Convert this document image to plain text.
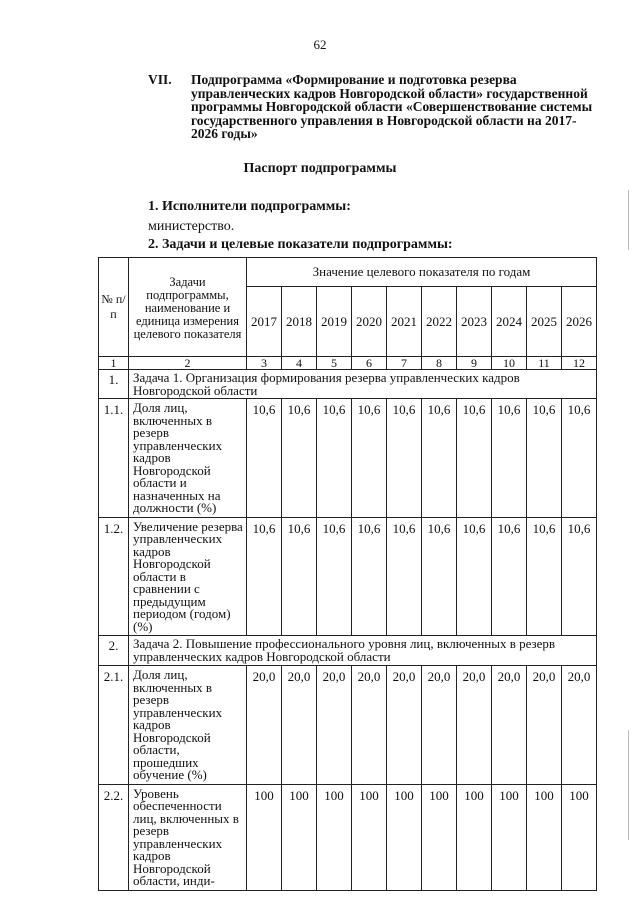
62
VII. Подпрограмма «Формирование и подготовка резерва управленческих кадров Новгородской области» государственной программы Новгородской области «Совершенствование системы государственного управления в Новгородской области на 2017-2026 годы»
Паспорт подпрограммы
1. Исполнители подпрограммы:
министерство.
2. Задачи и целевые показатели подпрограммы:
№ п/п	Задачи подпрограммы, наименование и единица измерения целевого показателя	Значение целевого показателя по годам									
		2017	2018	2019	2020	2021	2022	2023	2024	2025	2026
1	2	3	4	5	6	7	8	9	10	11	12
1.	Задача 1. Организация формирования резерва управленческих кадров Новгородской области										
1.1.	Доля лиц, включенных в резерв управленческих кадров Новгородской области и назначенных на должности (%)	10,6	10,6	10,6	10,6	10,6	10,6	10,6	10,6	10,6	10,6
1.2.	Увеличение резерва управленческих кадров Новгородской области в сравнении с предыдущим периодом (годом) (%)	10,6	10,6	10,6	10,6	10,6	10,6	10,6	10,6	10,6	10,6
2.	Задача 2. Повышение профессионального уровня лиц, включенных в резерв управленческих кадров Новгородской области										
2.1.	Доля лиц, включенных в резерв управленческих кадров Новгородской области, прошедших обучение (%)	20,0	20,0	20,0	20,0	20,0	20,0	20,0	20,0	20,0	20,0
2.2.	Уровень обеспеченности лиц, включенных в резерв управленческих кадров Новгородской области, инди-	100	100	100	100	100	100	100	100	100	100
